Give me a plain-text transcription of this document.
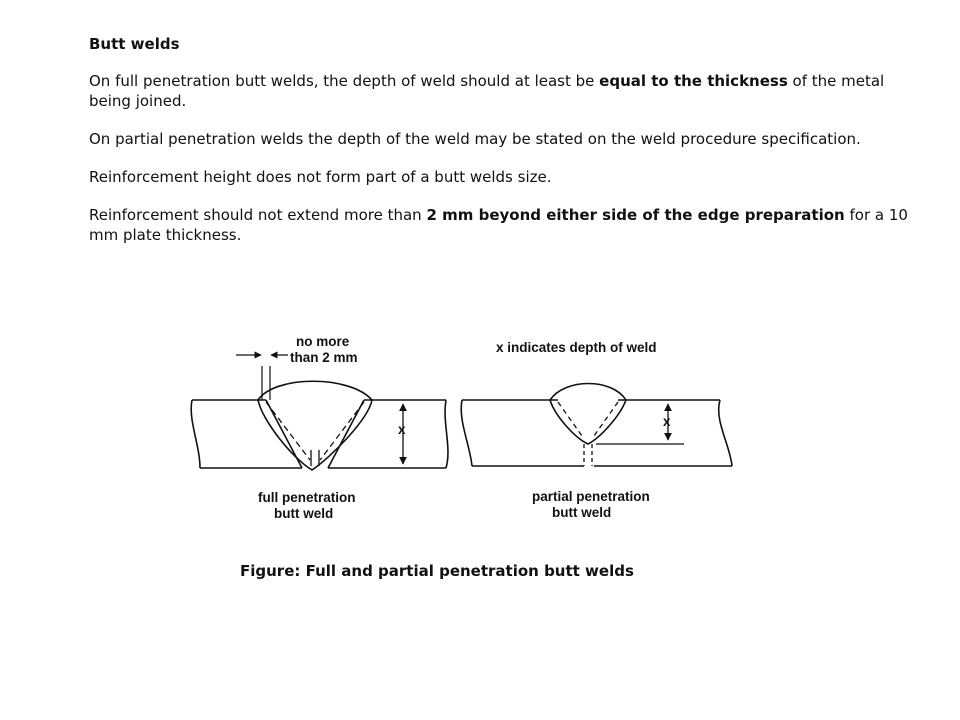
Butt welds

On full penetration butt welds, the depth of weld should at least be equal to the thickness of the metal being joined.

On partial penetration welds the depth of the weld may be stated on the weld procedure specification.

Reinforcement height does not form part of a butt welds size.

Reinforcement should not extend more than 2 mm beyond either side of the edge preparation for a 10 mm plate thickness.

no more
than 2 mm
x
full penetration
butt weld
x indicates depth of weld
x
partial penetration
butt weld
Figure: Full and partial penetration butt welds
